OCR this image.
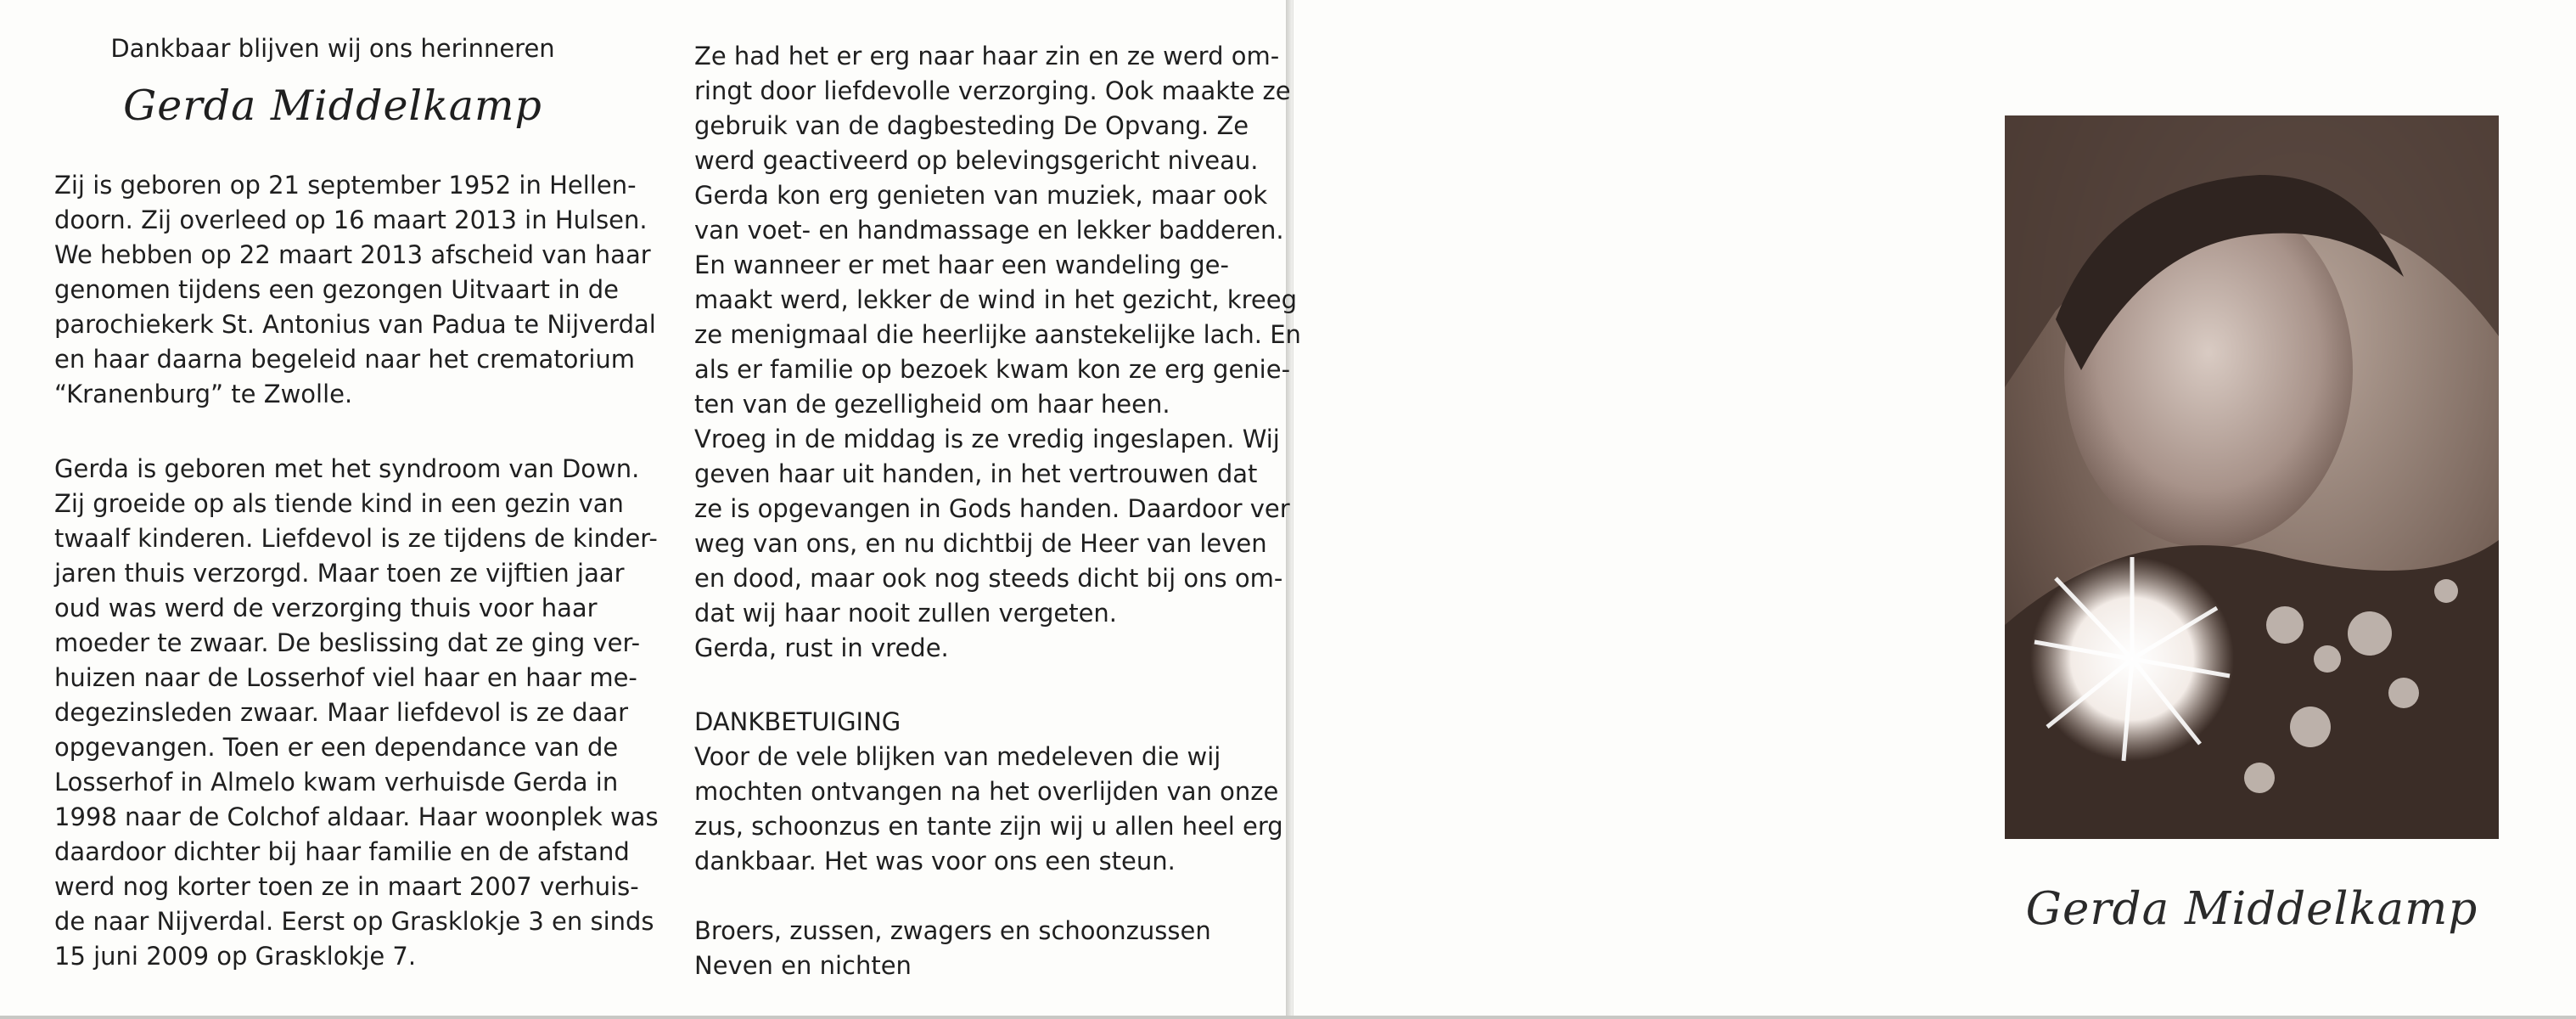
Dankbaar blijven wij ons herinneren
Gerda Middelkamp

Zij is geboren op 21 september 1952 in Hellen-

doorn. Zij overleed op 16 maart 2013 in Hulsen.

We hebben op 22 maart 2013 afscheid van haar

genomen tijdens een gezongen Uitvaart in de

parochiekerk St. Antonius van Padua te Nijverdal

en haar daarna begeleid naar het crematorium

“Kranenburg” te Zwolle.

Gerda is geboren met het syndroom van Down.

Zij groeide op als tiende kind in een gezin van

twaalf kinderen. Liefdevol is ze tijdens de kinder-

jaren thuis verzorgd. Maar toen ze vijftien jaar

oud was werd de verzorging thuis voor haar

moeder te zwaar. De beslissing dat ze ging ver-

huizen naar de Losserhof viel haar en haar me-

degezinsleden zwaar. Maar liefdevol is ze daar

opgevangen. Toen er een dependance van de

Losserhof in Almelo kwam verhuisde Gerda in

1998 naar de Colchof aldaar. Haar woonplek was

daardoor dichter bij haar familie en de afstand

werd nog korter toen ze in maart 2007 verhuis-

de naar Nijverdal. Eerst op Grasklokje 3 en sinds

15 juni 2009 op Grasklokje 7.

Ze had het er erg naar haar zin en ze werd om-

ringt door liefdevolle verzorging. Ook maakte ze

gebruik van de dagbesteding De Opvang. Ze

werd geactiveerd op belevingsgericht niveau.

Gerda kon erg genieten van muziek, maar ook

van voet- en handmassage en lekker badderen.

En wanneer er met haar een wandeling ge-

maakt werd, lekker de wind in het gezicht, kreeg

ze menigmaal die heerlijke aanstekelijke lach. En

als er familie op bezoek kwam kon ze erg genie-

ten van de gezelligheid om haar heen.

Vroeg in de middag is ze vredig ingeslapen. Wij

geven haar uit handen, in het vertrouwen dat

ze is opgevangen in Gods handen. Daardoor ver

weg van ons, en nu dichtbij de Heer van leven

en dood, maar ook nog steeds dicht bij ons om-

dat wij haar nooit zullen vergeten.

Gerda, rust in vrede.

DANKBETUIGING

Voor de vele blijken van medeleven die wij

mochten ontvangen na het overlijden van onze

zus, schoonzus en tante zijn wij u allen heel erg

dankbaar. Het was voor ons een steun.

Broers, zussen, zwagers en schoonzussen

Neven en nichten

Gerda Middelkamp
